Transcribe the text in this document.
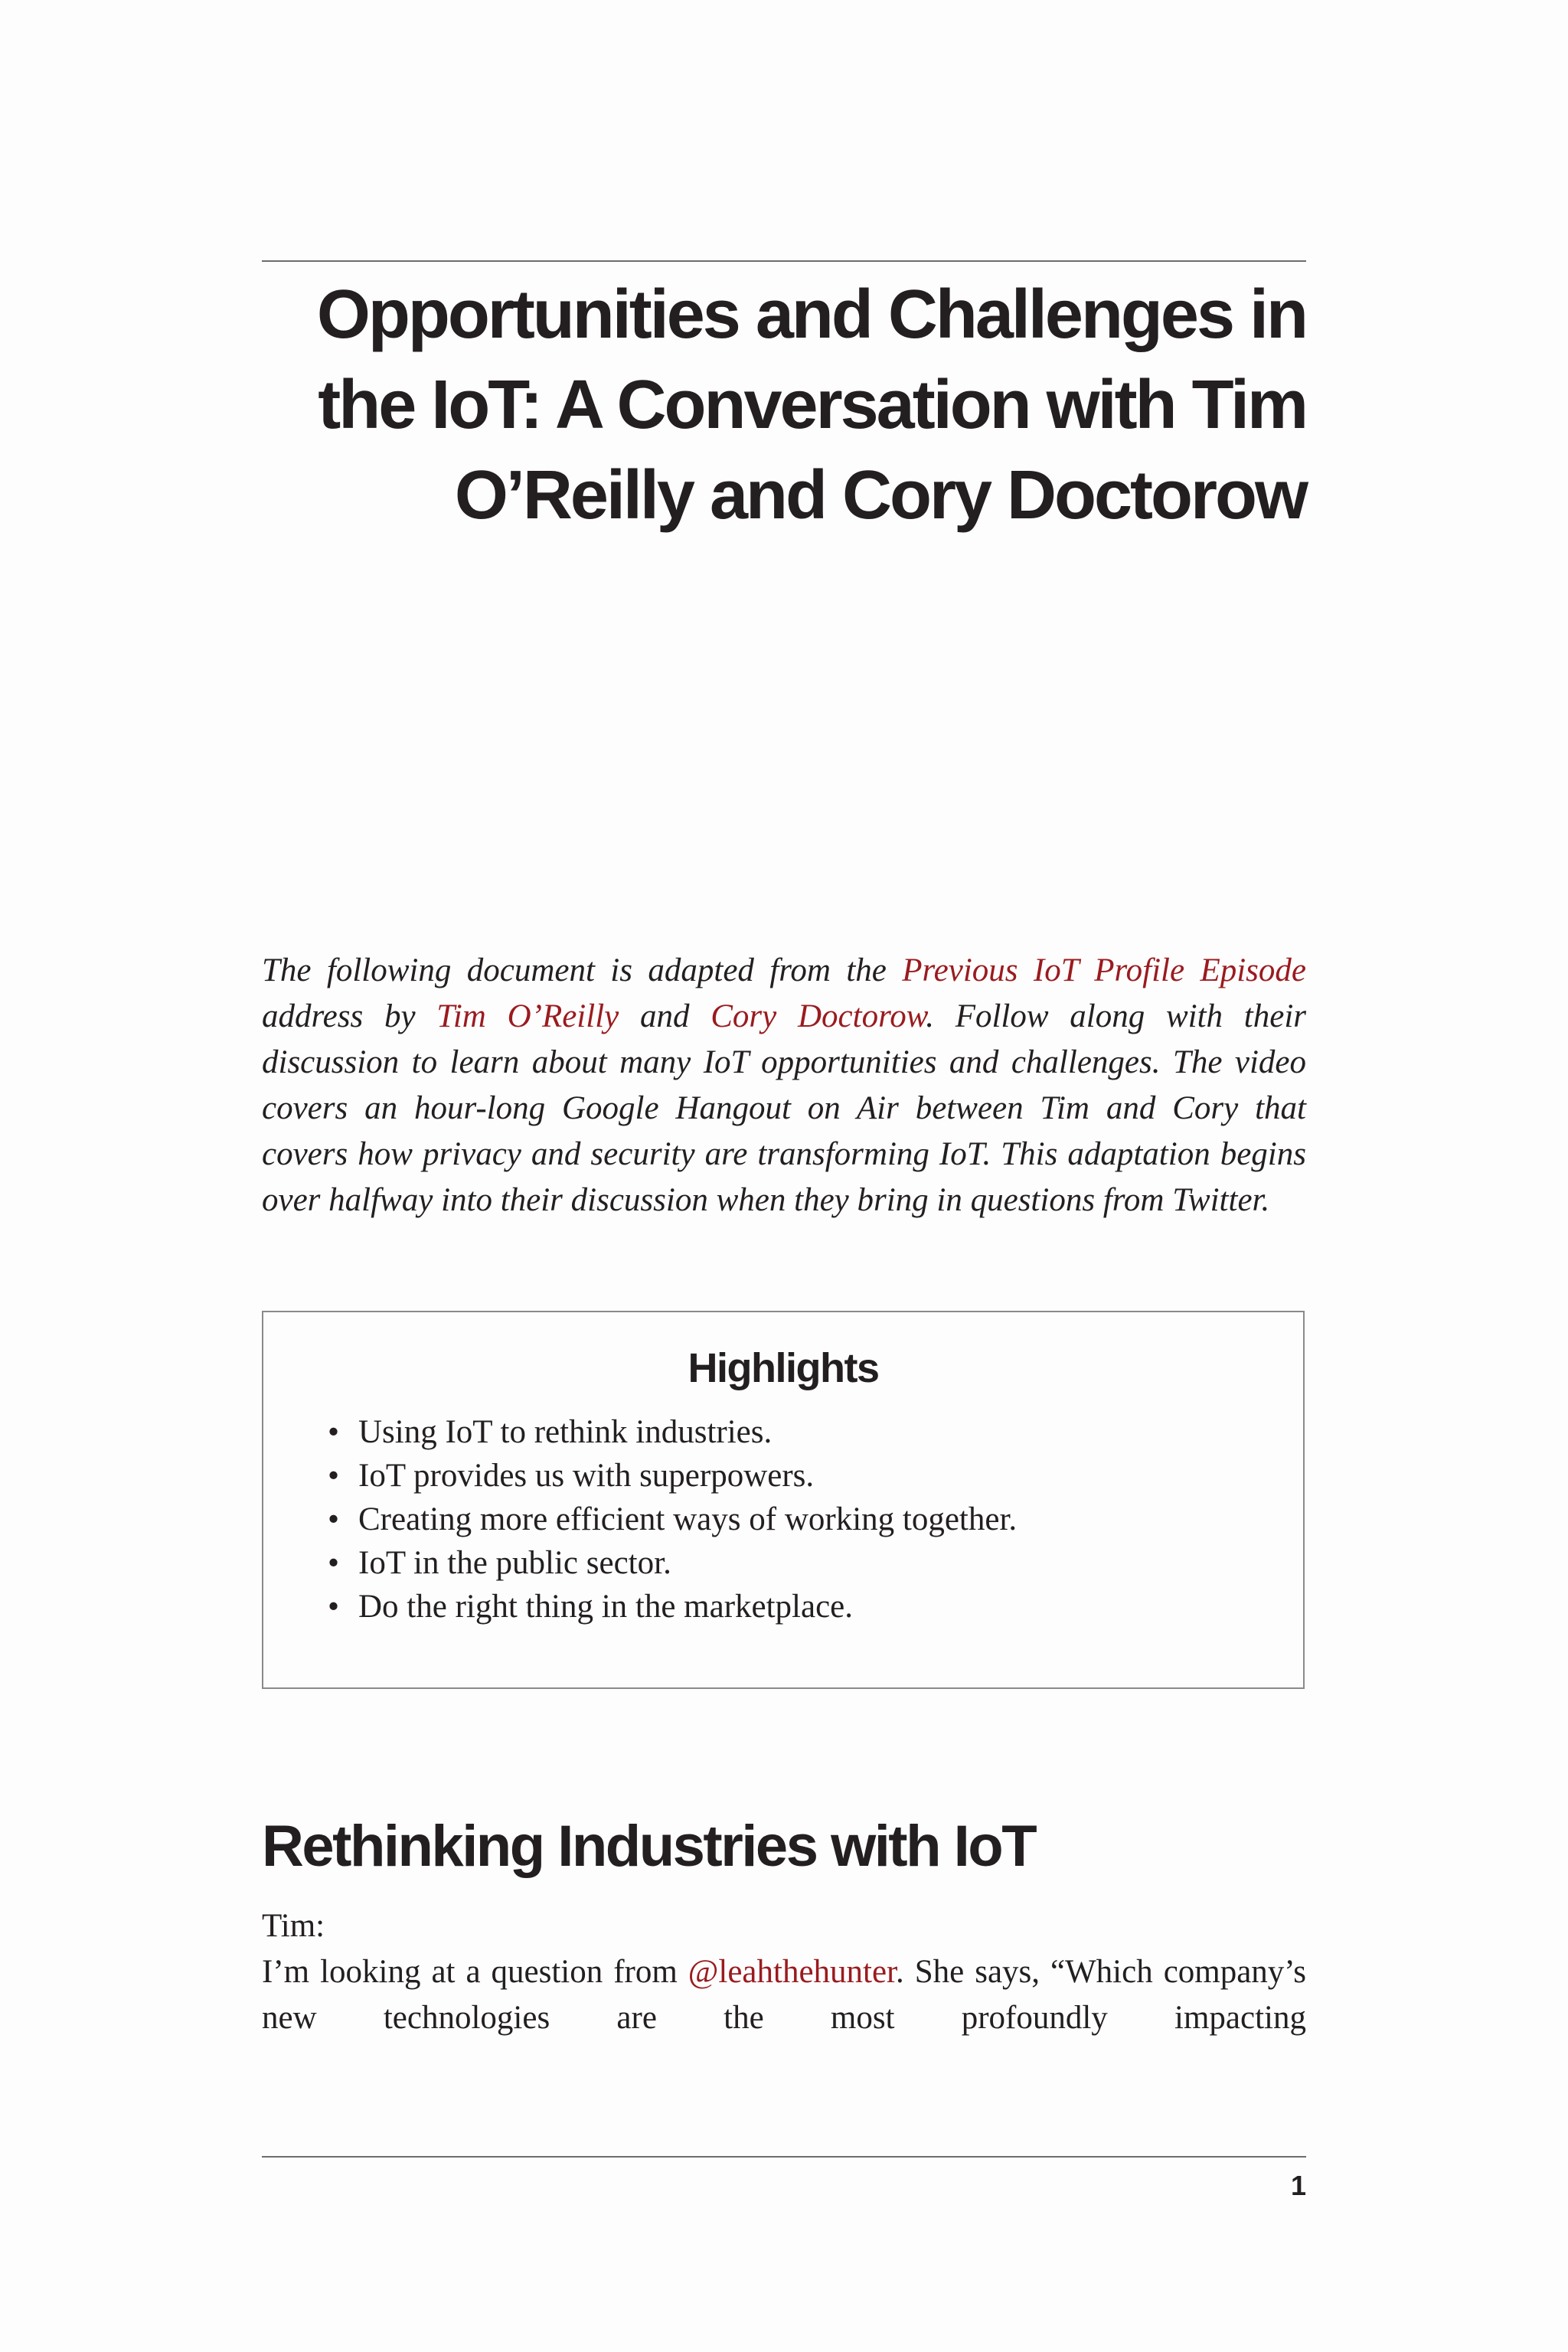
Opportunities and Challenges in
the IoT: A Conversation with Tim
O’Reilly and Cory Doctorow

The following document is adapted from the Previous IoT Profile Episode address by Tim O’Reilly and Cory Doctorow. Follow along with their discussion to learn about many IoT opportunities and challenges. The video covers an hour-long Google Hangout on Air between Tim and Cory that covers how privacy and security are transforming IoT. This adaptation begins over halfway into their discussion when they bring in questions from Twitter.

Highlights
• Using IoT to rethink industries.
• IoT provides us with superpowers.
• Creating more efficient ways of working together.
• IoT in the public sector.
• Do the right thing in the marketplace.
Rethinking Industries with IoT

Tim:

I’m looking at a question from @leahthehunter. She says, “Which company’s new technologies are the most profoundly impacting

1
